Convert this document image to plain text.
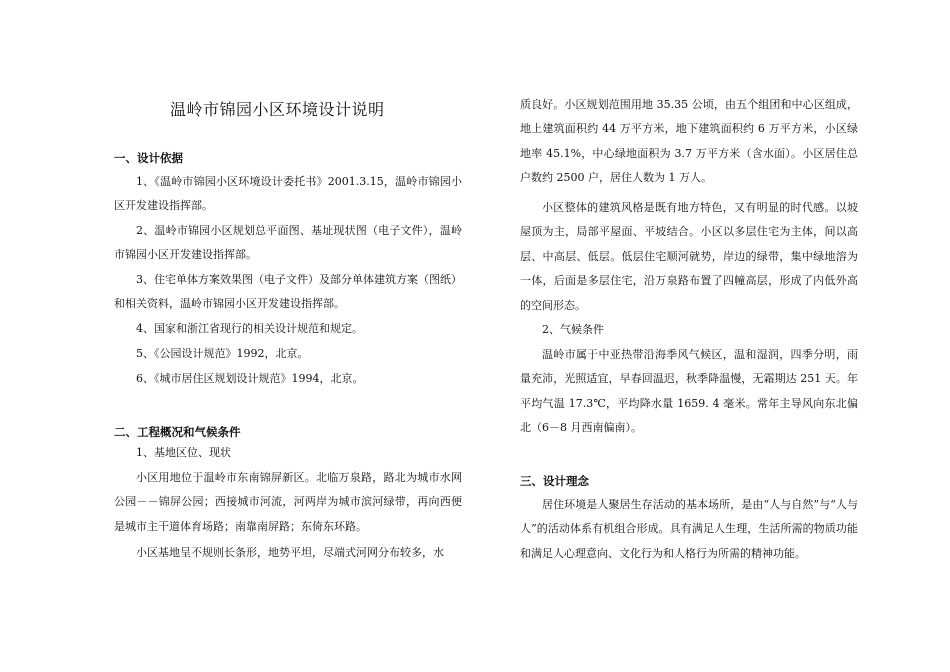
温岭市锦园小区环境设计说明
一、设计依据
1、《温岭市锦园小区环境设计委托书》2001.3.15，温岭市锦园小区开发建设指挥部。
2、温岭市锦园小区规划总平面图、基址现状图（电子文件），温岭市锦园小区开发建设指挥部。
3、住宅单体方案效果图（电子文件）及部分单体建筑方案（图纸）和相关资料，温岭市锦园小区开发建设指挥部。
4、国家和浙江省现行的相关设计规范和规定。
5、《公园设计规范》1992，北京。
6、《城市居住区规划设计规范》1994，北京。
二、工程概况和气候条件
1、基地区位、现状
小区用地位于温岭市东南锦屏新区。北临万泉路，路北为城市水网公园－－锦屏公园；西接城市河流，河两岸为城市滨河绿带，再向西便是城市主干道体育场路；南靠南屏路；东倚东环路。
小区基地呈不规则长条形，地势平坦，尽端式河网分布较多，水
质良好。小区规划范围用地 35.35 公顷，由五个组团和中心区组成，地上建筑面积约 44 万平方米，地下建筑面积约 6 万平方米，小区绿地率 45.1%，中心绿地面积为 3.7 万平方米（含水面）。小区居住总户数约 2500 户，居住人数为 1 万人。
小区整体的建筑风格是既有地方特色，又有明显的时代感。以坡屋顶为主，局部平屋面、平坡结合。小区以多层住宅为主体，间以高层、中高层、低层。低层住宅顺河就势，岸边的绿带，集中绿地溶为一体，后面是多层住宅，沿万泉路布置了四幢高层，形成了内低外高的空间形态。
2、气候条件
温岭市属于中亚热带沿海季风气候区，温和湿润，四季分明，雨量充沛，光照适宜，早春回温迟，秋季降温慢，无霜期达 251 天。年平均气温 17.3℃，平均降水量 1659. 4 毫米。常年主导风向东北偏北（6－8 月西南偏南）。
三、设计理念
居住环境是人聚居生存活动的基本场所，是由“人与自然”与“人与人”的活动体系有机组合形成。具有满足人生理，生活所需的物质功能和满足人心理意向、文化行为和人格行为所需的精神功能。
